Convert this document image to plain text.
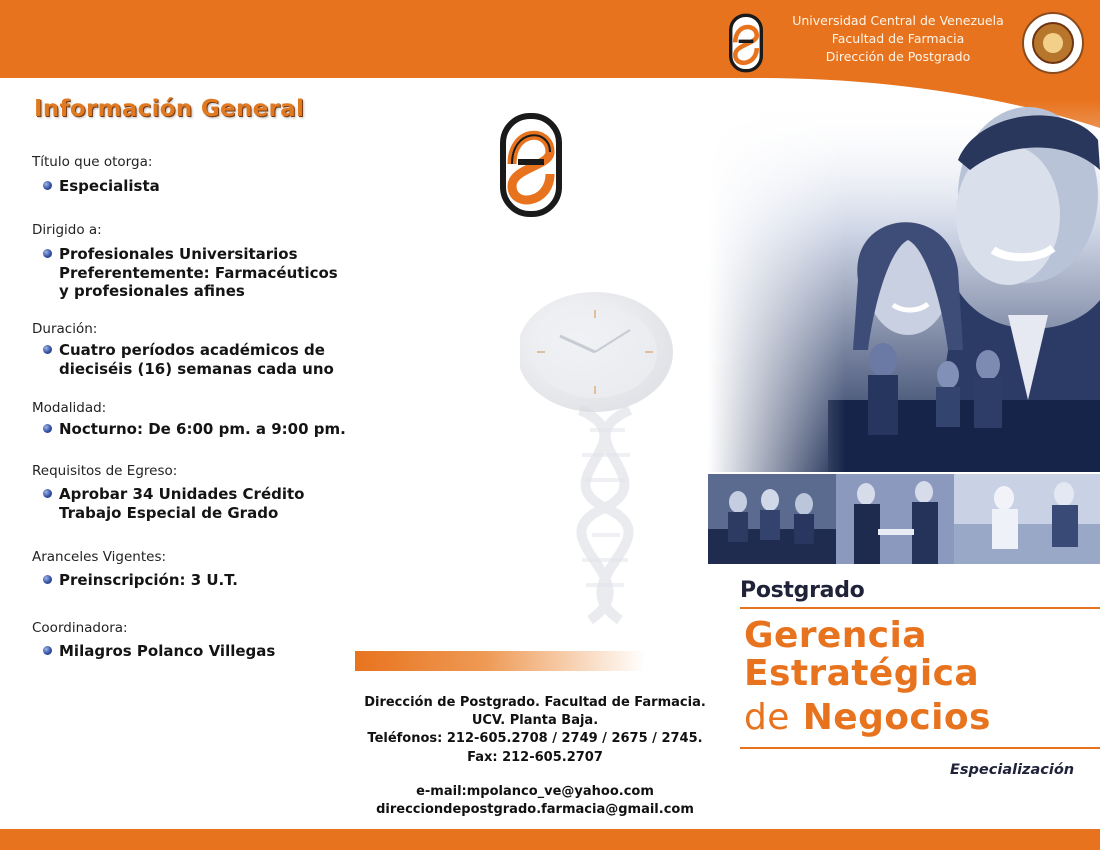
Universidad Central de Venezuela
Facultad de Farmacia
Dirección de Postgrado
Información General
Título que otorga:
Especialista
Dirigido a:
Profesionales Universitarios
Preferentemente: Farmacéuticos
y profesionales afines
Duración:
Cuatro períodos académicos de
dieciséis (16) semanas cada uno
Modalidad:
Nocturno: De 6:00 pm. a 9:00 pm.
Requisitos de Egreso:
Aprobar 34 Unidades Crédito
Trabajo Especial de Grado
Aranceles Vigentes:
Preinscripción: 3 U.T.
Coordinadora:
Milagros Polanco Villegas
Dirección de Postgrado. Facultad de Farmacia.
UCV. Planta Baja.
Teléfonos: 212-605.2708 / 2749 / 2675 / 2745.
Fax: 212-605.2707
e-mail:mpolanco_ve@yahoo.com
direcciondepostgrado.farmacia@gmail.com
Postgrado
Gerencia
Estratégica
de Negocios
Especialización
